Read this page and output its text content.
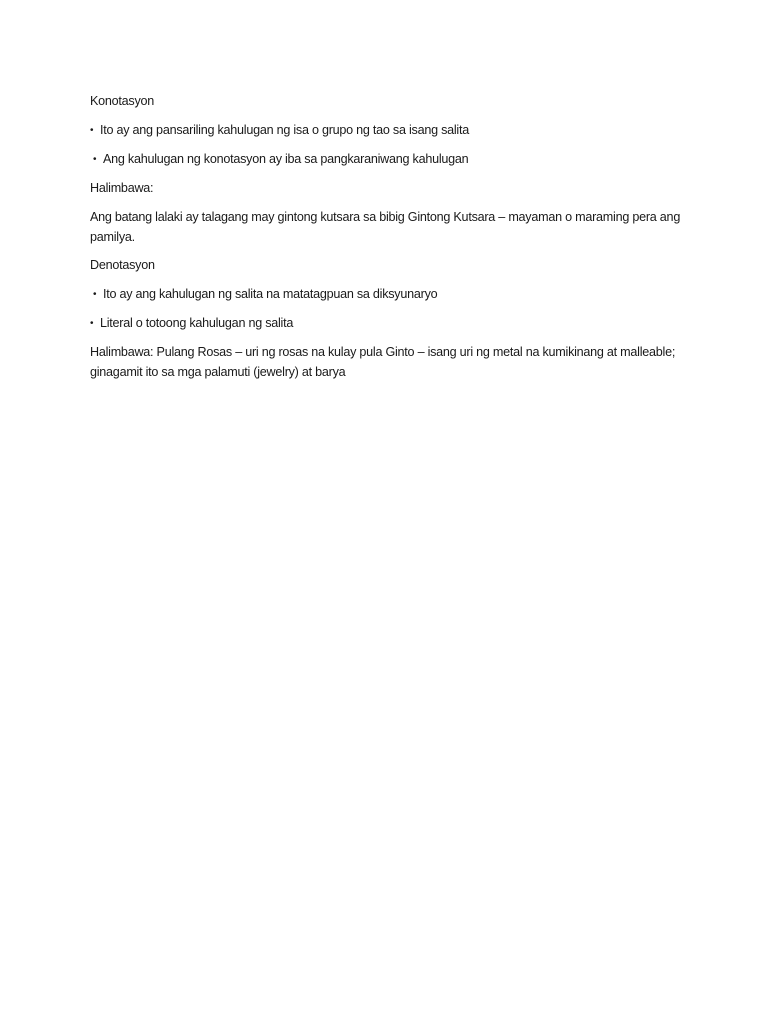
Konotasyon
• Ito ay ang pansariling kahulugan ng isa o grupo ng tao sa isang salita
• Ang kahulugan ng konotasyon ay iba sa pangkaraniwang kahulugan
Halimbawa:
Ang batang lalaki ay talagang may gintong kutsara sa bibig Gintong Kutsara – mayaman o maraming pera ang pamilya.
Denotasyon
• Ito ay ang kahulugan ng salita na matatagpuan sa diksyunaryo
• Literal o totoong kahulugan ng salita
Halimbawa: Pulang Rosas – uri ng rosas na kulay pula Ginto – isang uri ng metal na kumikinang at malleable; ginagamit ito sa mga palamuti (jewelry) at barya
